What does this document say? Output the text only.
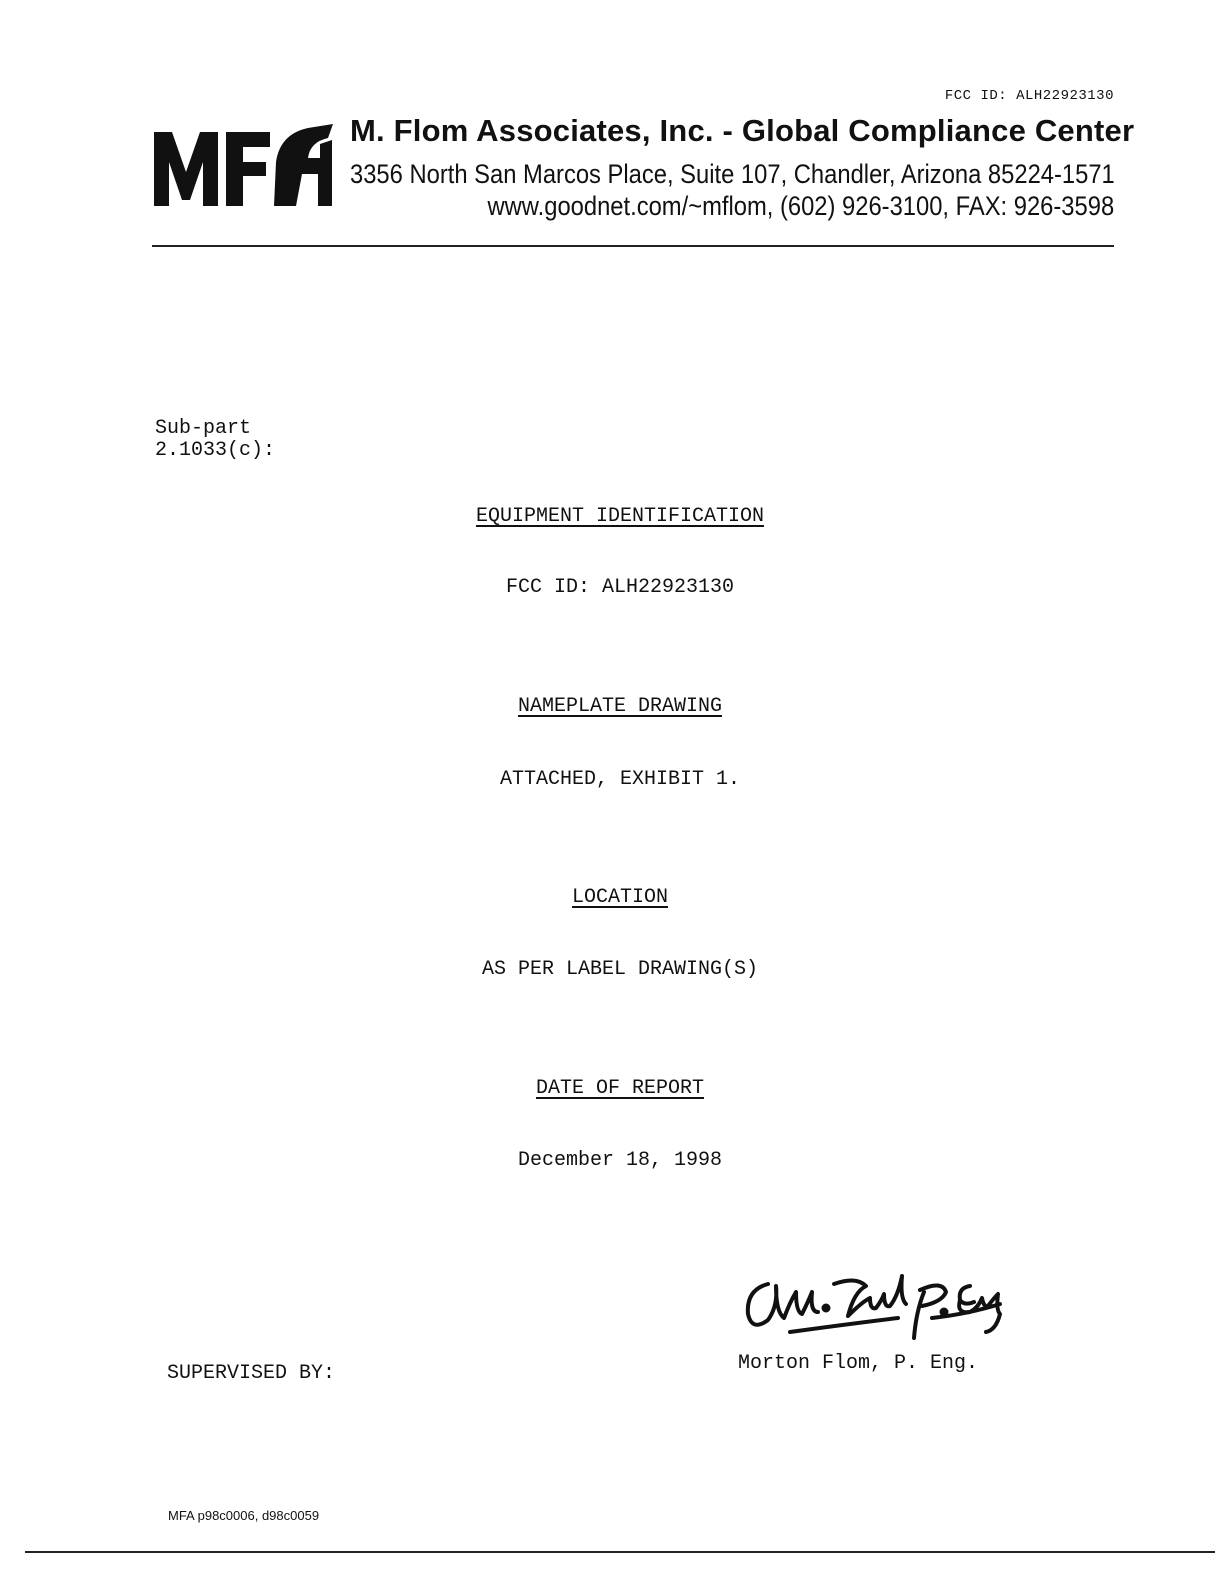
FCC ID: ALH22923130
M. Flom Associates, Inc. - Global Compliance Center
3356 North San Marcos Place, Suite 107, Chandler, Arizona 85224-1571
www.goodnet.com/~mflom, (602) 926-3100, FAX: 926-3598
Sub-part
2.1033(c):
EQUIPMENT IDENTIFICATION
FCC ID: ALH22923130
NAMEPLATE DRAWING
ATTACHED, EXHIBIT 1.
LOCATION
AS PER LABEL DRAWING(S)
DATE OF REPORT
December 18, 1998
Morton Flom, P. Eng.
SUPERVISED BY:
MFA p98c0006, d98c0059
